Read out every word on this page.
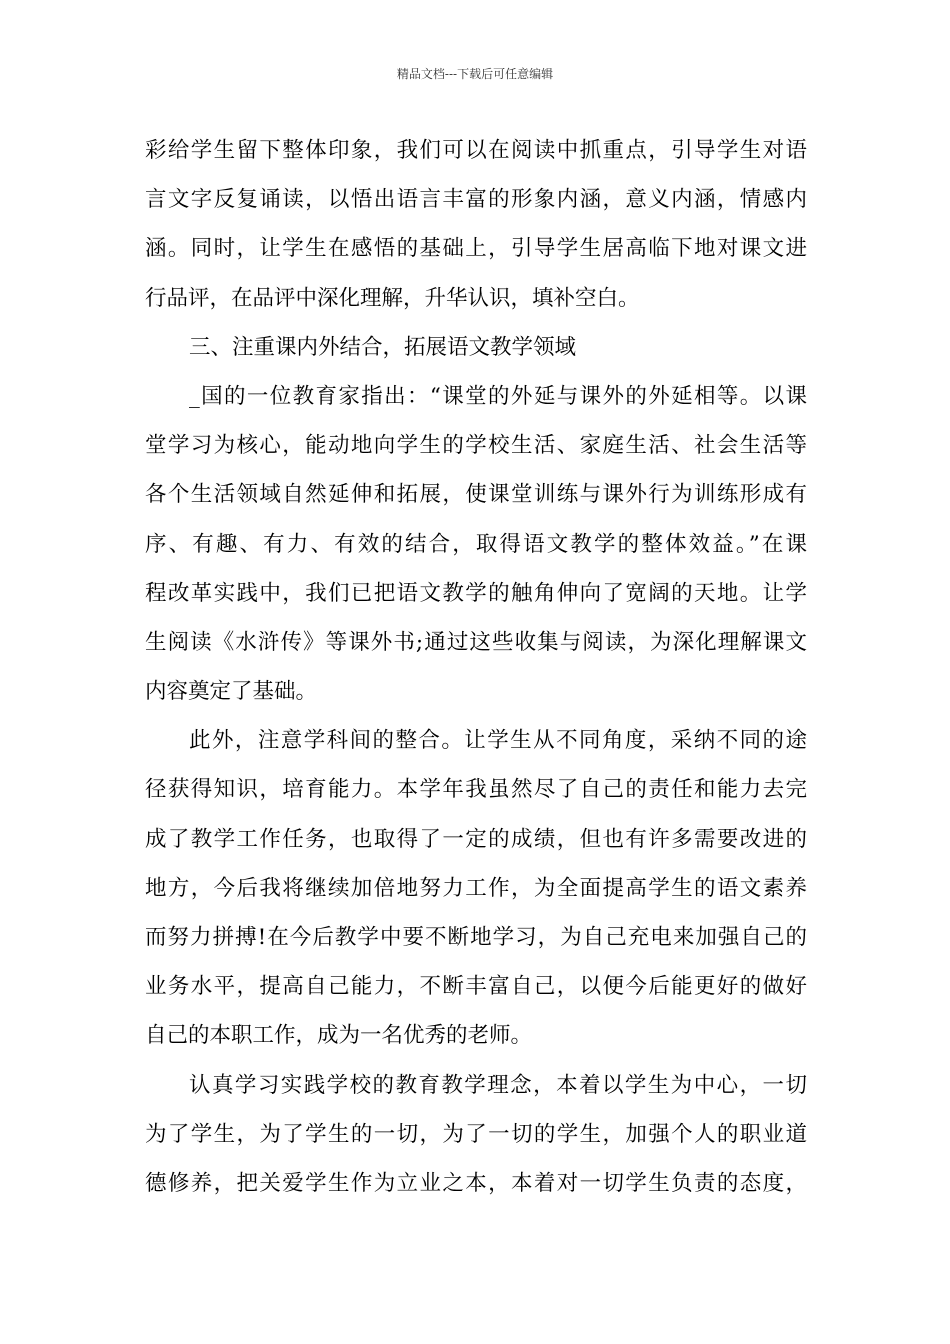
精品文档---下载后可任意编辑
彩给学生留下整体印象，我们可以在阅读中抓重点，引导学生对语
言文字反复诵读，以悟出语言丰富的形象内涵，意义内涵，情感内
涵。同时，让学生在感悟的基础上，引导学生居高临下地对课文进
行品评，在品评中深化理解，升华认识，填补空白。
三、注重课内外结合，拓展语文教学领域
_国的一位教育家指出：“课堂的外延与课外的外延相等。以课
堂学习为核心，能动地向学生的学校生活、家庭生活、社会生活等
各个生活领域自然延伸和拓展，使课堂训练与课外行为训练形成有
序、有趣、有力、有效的结合，取得语文教学的整体效益。”在课
程改革实践中，我们已把语文教学的触角伸向了宽阔的天地。让学
生阅读《水浒传》等课外书;通过这些收集与阅读，为深化理解课文
内容奠定了基础。
此外，注意学科间的整合。让学生从不同角度，采纳不同的途
径获得知识，培育能力。本学年我虽然尽了自己的责任和能力去完
成了教学工作任务，也取得了一定的成绩，但也有许多需要改进的
地方，今后我将继续加倍地努力工作，为全面提高学生的语文素养
而努力拼搏!在今后教学中要不断地学习，为自己充电来加强自己的
业务水平，提高自己能力，不断丰富自己，以便今后能更好的做好
自己的本职工作，成为一名优秀的老师。
认真学习实践学校的教育教学理念，本着以学生为中心，一切
为了学生，为了学生的一切，为了一切的学生，加强个人的职业道
德修养，把关爱学生作为立业之本，本着对一切学生负责的态度，
